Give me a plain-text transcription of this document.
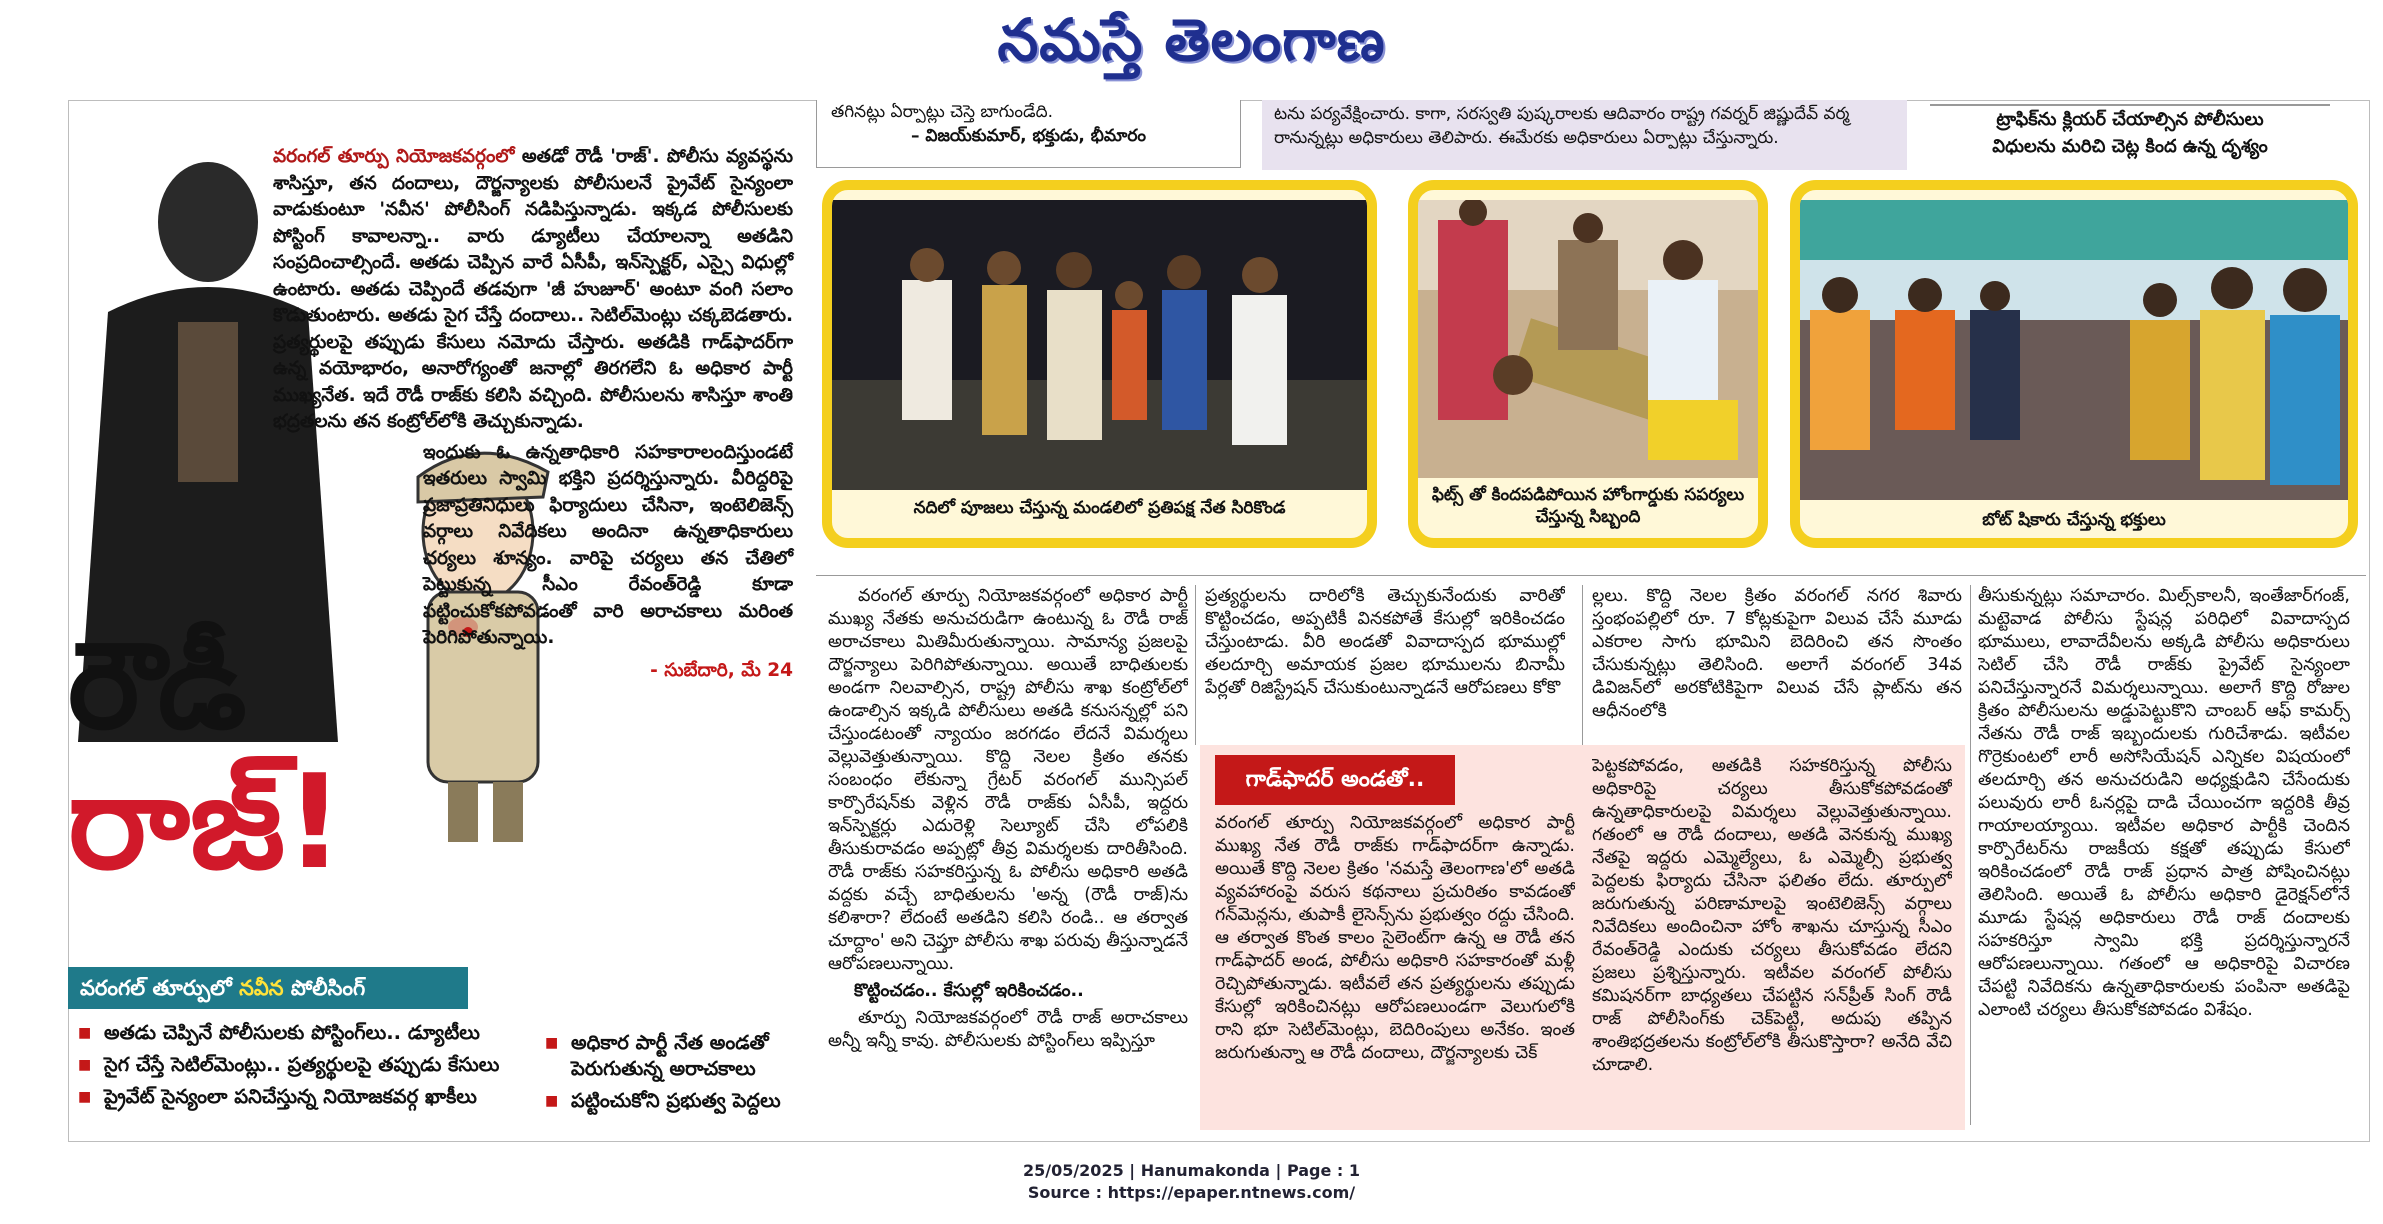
నమస్తే తెలంగాణ
తగినట్లు ఏర్పాట్లు చెస్తె బాగుండేది.
– విజయ్‌కుమార్, భక్తుడు, భీమారం
టను పర్యవేక్షించారు. కాగా, సరస్వతి పుష్కరాలకు ఆదివారం రాష్ట్ర గవర్నర్ జిష్ణుదేవ్ వర్మ
రానున్నట్లు అధికారులు తెలిపారు. ఈమేరకు అధికారులు ఏర్పాట్లు చేస్తున్నారు.
ట్రాఫిక్‌ను క్లియర్ చేయాల్సిన పోలీసులు
విధులను మరిచి చెట్ల కింద ఉన్న దృశ్యం
నదిలో పూజలు చేస్తున్న మండలిలో ప్రతిపక్ష నేత సిరికొండ
ఫిట్స్ తో కిందపడిపోయిన హోంగార్డుకు సపర్యలు చేస్తున్న సిబ్బంది	బోట్ షికారు చేస్తున్న భక్తులు
రౌడీ
రాజ్!
వరంగల్ తూర్పు నియోజకవర్గంలో అతడో రౌడీ 'రాజ్'. పోలీసు వ్యవస్థను శాసిస్తూ, తన దందాలు, దౌర్జన్యాలకు పోలీసులనే ప్రైవేట్ సైన్యంలా వాడుకుంటూ 'నవీన' పోలీసింగ్ నడిపిస్తున్నాడు. ఇక్కడ పోలీసులకు పోస్టింగ్ కావాలన్నా.. వారు డ్యూటీలు చేయాలన్నా అతడిని సంప్రదించాల్సిందే. అతడు చెప్పిన వారే ఏసీపీ, ఇన్‌స్పెక్టర్, ఎస్సై విధుల్లో ఉంటారు. అతడు చెప్పిందే తడవుగా 'జీ హుజూర్' అంటూ వంగి సలాం కొడుతుంటారు. అతడు సైగ చేస్తే దందాలు.. సెటిల్‌మెంట్లు చక్కబెడతారు. ప్రత్యర్థులపై తప్పుడు కేసులు నమోదు చేస్తారు. అతడికి గాడ్‌ఫాదర్‌గా ఉన్న వయోభారం, అనారోగ్యంతో జనాల్లో తిరగలేని ఓ అధికార పార్టీ ముఖ్యనేత. ఇదే రౌడీ రాజ్‌కు కలిసి వచ్చింది. పోలీసులను శాసిస్తూ శాంతి భద్రతలను తన కంట్రోల్‌లోకి తెచ్చుకున్నాడు.
ఇందుకు ఓ ఉన్నతాధికారి సహకారాలందిస్తుండటే ఇతరులు స్వామి భక్తిని ప్రదర్శిస్తున్నారు. వీరిద్దరిపై ప్రజాప్రతినిధులు ఫిర్యాదులు చేసినా, ఇంటెలిజెన్స్ వర్గాలు నివేదికలు అందినా ఉన్నతాధికారులు చర్యలు శూన్యం. వారిపై చర్యలు తన చేతిలో పెట్టుకున్న సీఎం రేవంత్‌రెడ్డి కూడా పట్టించుకోకపోవడంతో వారి అరాచకాలు మరింత పెరిగిపోతున్నాయి.
- సుబేదారి, మే 24
వరంగల్ తూర్పులో నవీన పోలీసింగ్
■ అతడు చెప్పినే పోలీసులకు పోస్టింగ్‌లు.. డ్యూటీలు
■ సైగ చేస్తే సెటిల్‌మెంట్లు.. ప్రత్యర్థులపై తప్పుడు కేసులు
■ ప్రైవేట్ సైన్యంలా పనిచేస్తున్న నియోజకవర్గ ఖాకీలు
■ అధికార పార్టీ నేత అండతో పెరుగుతున్న అరాచకాలు
■ పట్టించుకోని ప్రభుత్వ పెద్దలు

వరంగల్ తూర్పు నియోజకవర్గంలో అధికార పార్టీ ముఖ్య నేతకు అనుచరుడిగా ఉంటున్న ఓ రౌడీ రాజ్ అరాచకాలు మితిమీరుతున్నాయి. సామాన్య ప్రజలపై దౌర్జన్యాలు పెరిగిపోతున్నాయి. అయితే బాధితులకు అండగా నిలవాల్సిన, రాష్ట్ర పోలీసు శాఖ కంట్రోల్‌లో ఉండాల్సిన ఇక్కడి పోలీసులు అతడి కనుసన్నల్లో పని చేస్తుండటంతో న్యాయం జరగడం లేదనే విమర్శలు వెల్లువెత్తుతున్నాయి. కొద్ది నెలల క్రితం తనకు సంబంధం లేకున్నా గ్రేటర్ వరంగల్ మున్సిపల్ కార్పొరేషన్‌కు వెళ్లిన రౌడీ రాజ్‌కు ఏసీపీ, ఇద్దరు ఇన్‌స్పెక్టర్లు ఎదురెళ్లి సెల్యూట్ చేసి లోపలికి తీసుకురావడం అప్పట్లో తీవ్ర విమర్శలకు దారితీసింది. రౌడీ రాజ్‌కు సహకరిస్తున్న ఓ పోలీసు అధికారి అతడి వద్దకు వచ్చే బాధితులను 'అన్న (రౌడీ రాజ్)ను కలిశారా? లేదంటే అతడిని కలిసి రండి.. ఆ తర్వాత చూద్దాం' అని చెప్తూ పోలీసు శాఖ పరువు తీస్తున్నాడనే ఆరోపణలున్నాయి.

కొట్టించడం.. కేసుల్లో ఇరికించడం..

తూర్పు నియోజకవర్గంలో రౌడీ రాజ్ అరాచకాలు అన్నీ ఇన్నీ కావు. పోలీసులకు పోస్టింగ్‌లు ఇప్పిస్తూ

ప్రత్యర్థులను దారిలోకి తెచ్చుకునేందుకు వారితో కొట్టించడం, అప్పటికీ వినకపోతే కేసుల్లో ఇరికించడం చేస్తుంటాడు. వీరి అండతో వివాదాస్పద భూముల్లో తలదూర్చి అమాయక ప్రజల భూములను బినామీ పేర్లతో రిజిస్ట్రేషన్ చేసుకుంటున్నాడనే ఆరోపణలు కోకొ

ల్లలు. కొద్ది నెలల క్రితం వరంగల్ నగర శివారు స్తంభంపల్లిలో రూ. 7 కోట్లకుపైగా విలువ చేసే మూడు ఎకరాల సాగు భూమిని బెదిరించి తన సొంతం చేసుకున్నట్లు తెలిసింది. అలాగే వరంగల్ 34వ డివిజన్‌లో అరకోటికిపైగా విలువ చేసే ప్లాట్‌ను తన ఆధీనంలోకి

తీసుకున్నట్లు సమాచారం. మిల్స్‌కాలనీ, ఇంతేజార్‌గంజ్, మట్టెవాడ పోలీసు స్టేషన్ల పరిధిలో వివాదాస్పద భూములు, లావాదేవీలను అక్కడి పోలీసు అధికారులు సెటిల్ చేసి రౌడీ రాజ్‌కు ప్రైవేట్ సైన్యంలా పనిచేస్తున్నారనే విమర్శలున్నాయి. అలాగే కొద్ది రోజుల క్రితం పోలీసులను అడ్డుపెట్టుకొని చాంబర్ ఆఫ్ కామర్స్ నేతను రౌడీ రాజ్ ఇబ్బందులకు గురిచేశాడు. ఇటీవల గొర్రెకుంటలో లారీ అసోసియేషన్ ఎన్నికల విషయంలో తలదూర్చి తన అనుచరుడిని అధ్యక్షుడిని చేసేందుకు పలువురు లారీ ఓనర్లపై దాడి చేయించగా ఇద్దరికి తీవ్ర గాయాలయ్యాయి. ఇటీవల అధికార పార్టీకి చెందిన కార్పొరేటర్‌ను రాజకీయ కక్షతో తప్పుడు కేసులో ఇరికించడంలో రౌడీ రాజ్ ప్రధాన పాత్ర పోషించినట్లు తెలిసింది. అయితే ఓ పోలీసు అధికారి డైరెక్షన్‌లోనే మూడు స్టేషన్ల అధికారులు రౌడీ రాజ్ దందాలకు సహకరిస్తూ స్వామి భక్తి ప్రదర్శిస్తున్నారనే ఆరోపణలున్నాయి. గతంలో ఆ అధికారిపై విచారణ చేపట్టి నివేదికను ఉన్నతాధికారులకు పంపినా అతడిపై ఎలాంటి చర్యలు తీసుకోకపోవడం విశేషం.

గాడ్‌ఫాదర్ అండతో..

వరంగల్ తూర్పు నియోజకవర్గంలో అధికార పార్టీ ముఖ్య నేత రౌడీ రాజ్‌కు గాడ్‌ఫాదర్‌గా ఉన్నాడు. అయితే కొద్ది నెలల క్రితం 'నమస్తే తెలంగాణ'లో అతడి వ్యవహారంపై వరుస కథనాలు ప్రచురితం కావడంతో గన్‌మెన్లను, తుపాకీ లైసెన్స్‌ను ప్రభుత్వం రద్దు చేసింది. ఆ తర్వాత కొంత కాలం సైలెంట్‌గా ఉన్న ఆ రౌడీ తన గాడ్‌ఫాదర్ అండ, పోలీసు అధికారి సహకారంతో మళ్లీ రెచ్చిపోతున్నాడు. ఇటీవలే తన ప్రత్యర్థులను తప్పుడు కేసుల్లో ఇరికించినట్లు ఆరోపణలుండగా వెలుగులోకి రాని భూ సెటిల్‌మెంట్లు, బెదిరింపులు అనేకం. ఇంత జరుగుతున్నా ఆ రౌడీ దందాలు, దౌర్జన్యాలకు చెక్

పెట్టకపోవడం, అతడికి సహకరిస్తున్న పోలీసు అధికారిపై చర్యలు తీసుకోకపోవడంతో ఉన్నతాధికారులపై విమర్శలు వెల్లువెత్తుతున్నాయి. గతంలో ఆ రౌడీ దందాలు, అతడి వెనకున్న ముఖ్య నేతపై ఇద్దరు ఎమ్మెల్యేలు, ఓ ఎమ్మెల్సీ ప్రభుత్వ పెద్దలకు ఫిర్యాదు చేసినా ఫలితం లేదు. తూర్పులో జరుగుతున్న పరిణామాలపై ఇంటెలిజెన్స్ వర్గాలు నివేదికలు అందించినా హోం శాఖను చూస్తున్న సీఎం రేవంత్‌రెడ్డి ఎందుకు చర్యలు తీసుకోవడం లేదని ప్రజలు ప్రశ్నిస్తున్నారు. ఇటీవల వరంగల్ పోలీసు కమిషనర్‌గా బాధ్యతలు చేపట్టిన సన్‌ప్రీత్ సింగ్ రౌడీ రాజ్ పోలీసింగ్‌కు చెక్‌పెట్టి, అదుపు తప్పిన శాంతిభద్రతలను కంట్రోల్‌లోకి తీసుకొస్తారా? అనేది వేచి చూడాలి.

25/05/2025 | Hanumakonda | Page : 1
Source : https://epaper.ntnews.com/
